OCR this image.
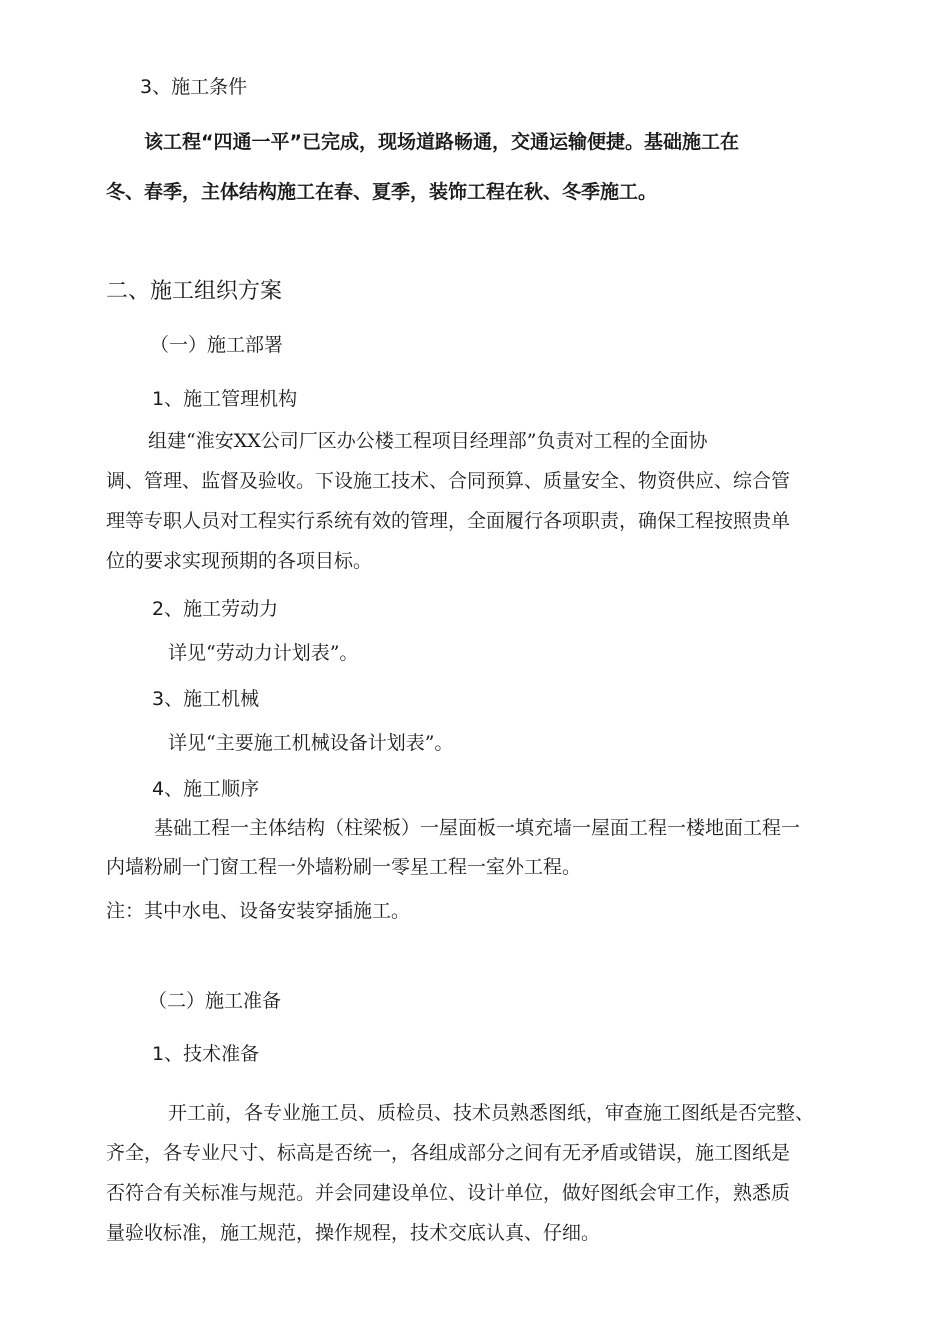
3、施工条件

该工程“四通一平”已完成，现场道路畅通，交通运输便捷。基础施工在

冬、春季，主体结构施工在春、夏季，装饰工程在秋、冬季施工。

二、施工组织方案

（一）施工部署

1、施工管理机构

组建“淮安XX公司厂区办公楼工程项目经理部”负责对工程的全面协

调、管理、监督及验收。下设施工技术、合同预算、质量安全、物资供应、综合管

理等专职人员对工程实行系统有效的管理，全面履行各项职责，确保工程按照贵单

位的要求实现预期的各项目标。

2、施工劳动力

详见“劳动力计划表”。

3、施工机械

详见“主要施工机械设备计划表”。

4、施工顺序

基础工程一主体结构（柱梁板）一屋面板一填充墙一屋面工程一楼地面工程一

内墙粉刷一门窗工程一外墙粉刷一零星工程一室外工程。

注：其中水电、设备安装穿插施工。

（二）施工准备

1、技术准备

开工前，各专业施工员、质检员、技术员熟悉图纸，审查施工图纸是否完整、

齐全，各专业尺寸、标高是否统一，各组成部分之间有无矛盾或错误，施工图纸是

否符合有关标准与规范。并会同建设单位、设计单位，做好图纸会审工作，熟悉质

量验收标准，施工规范，操作规程，技术交底认真、仔细。
